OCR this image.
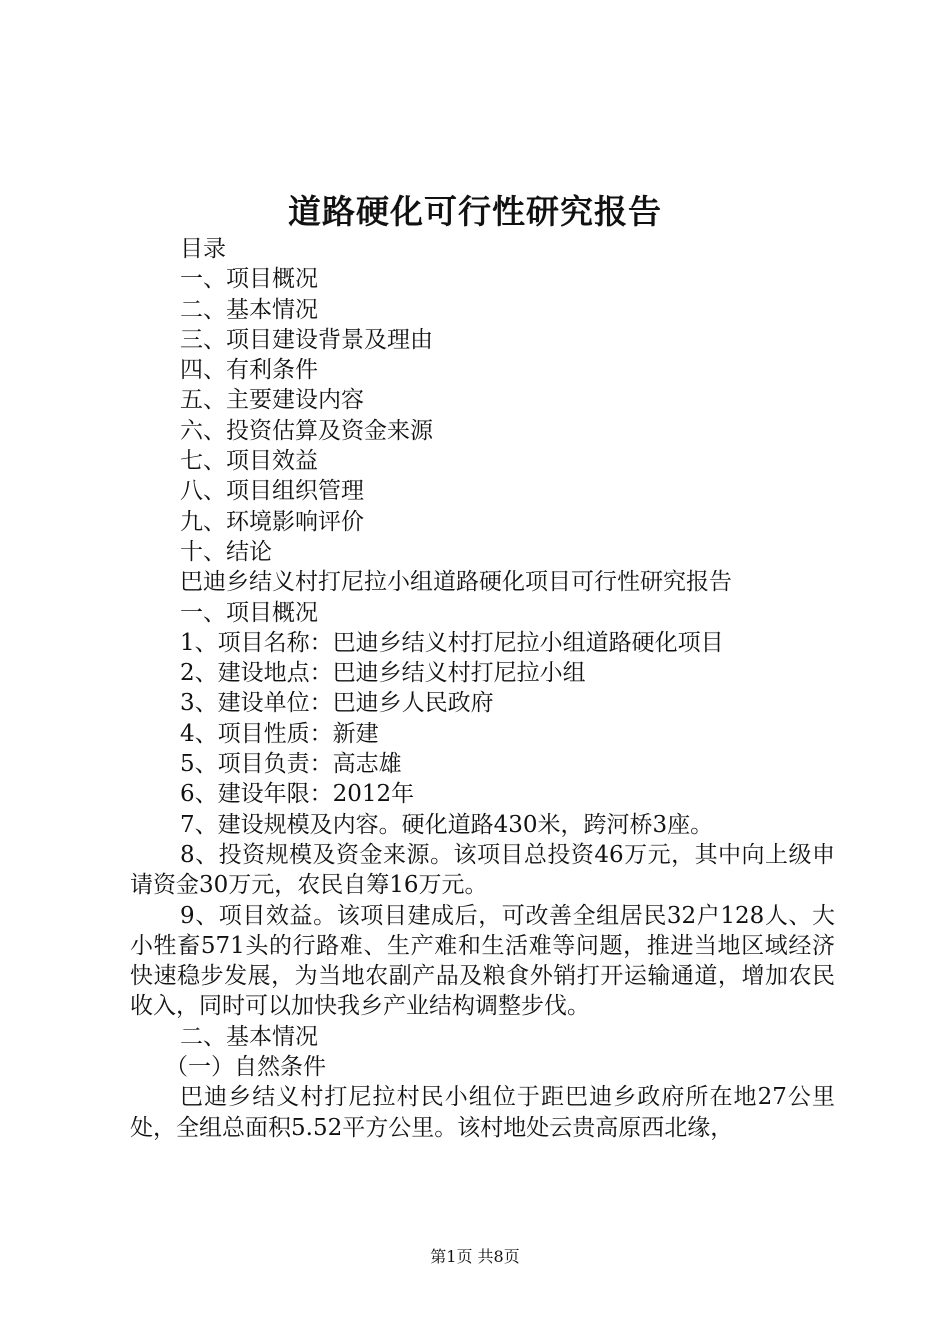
道路硬化可行性研究报告
目录
一、项目概况
二、基本情况
三、项目建设背景及理由
四、有利条件
五、主要建设内容
六、投资估算及资金来源
七、项目效益
八、项目组织管理
九、环境影响评价
十、结论
巴迪乡结义村打尼拉小组道路硬化项目可行性研究报告
一、项目概况
1、项目名称：巴迪乡结义村打尼拉小组道路硬化项目
2、建设地点：巴迪乡结义村打尼拉小组
3、建设单位：巴迪乡人民政府
4、项目性质：新建
5、项目负责：高志雄
6、建设年限：2012年
7、建设规模及内容。硬化道路430米，跨河桥3座。
8、投资规模及资金来源。该项目总投资46万元，其中向上级申请资金30万元，农民自筹16万元。
9、项目效益。该项目建成后，可改善全组居民32户128人、大小牲畜571头的行路难、生产难和生活难等问题，推进当地区域经济快速稳步发展，为当地农副产品及粮食外销打开运输通道，增加农民收入，同时可以加快我乡产业结构调整步伐。
二、基本情况
（一）自然条件
巴迪乡结义村打尼拉村民小组位于距巴迪乡政府所在地27公里处，全组总面积5.52平方公里。该村地处云贵高原西北缘，
第1页 共8页
